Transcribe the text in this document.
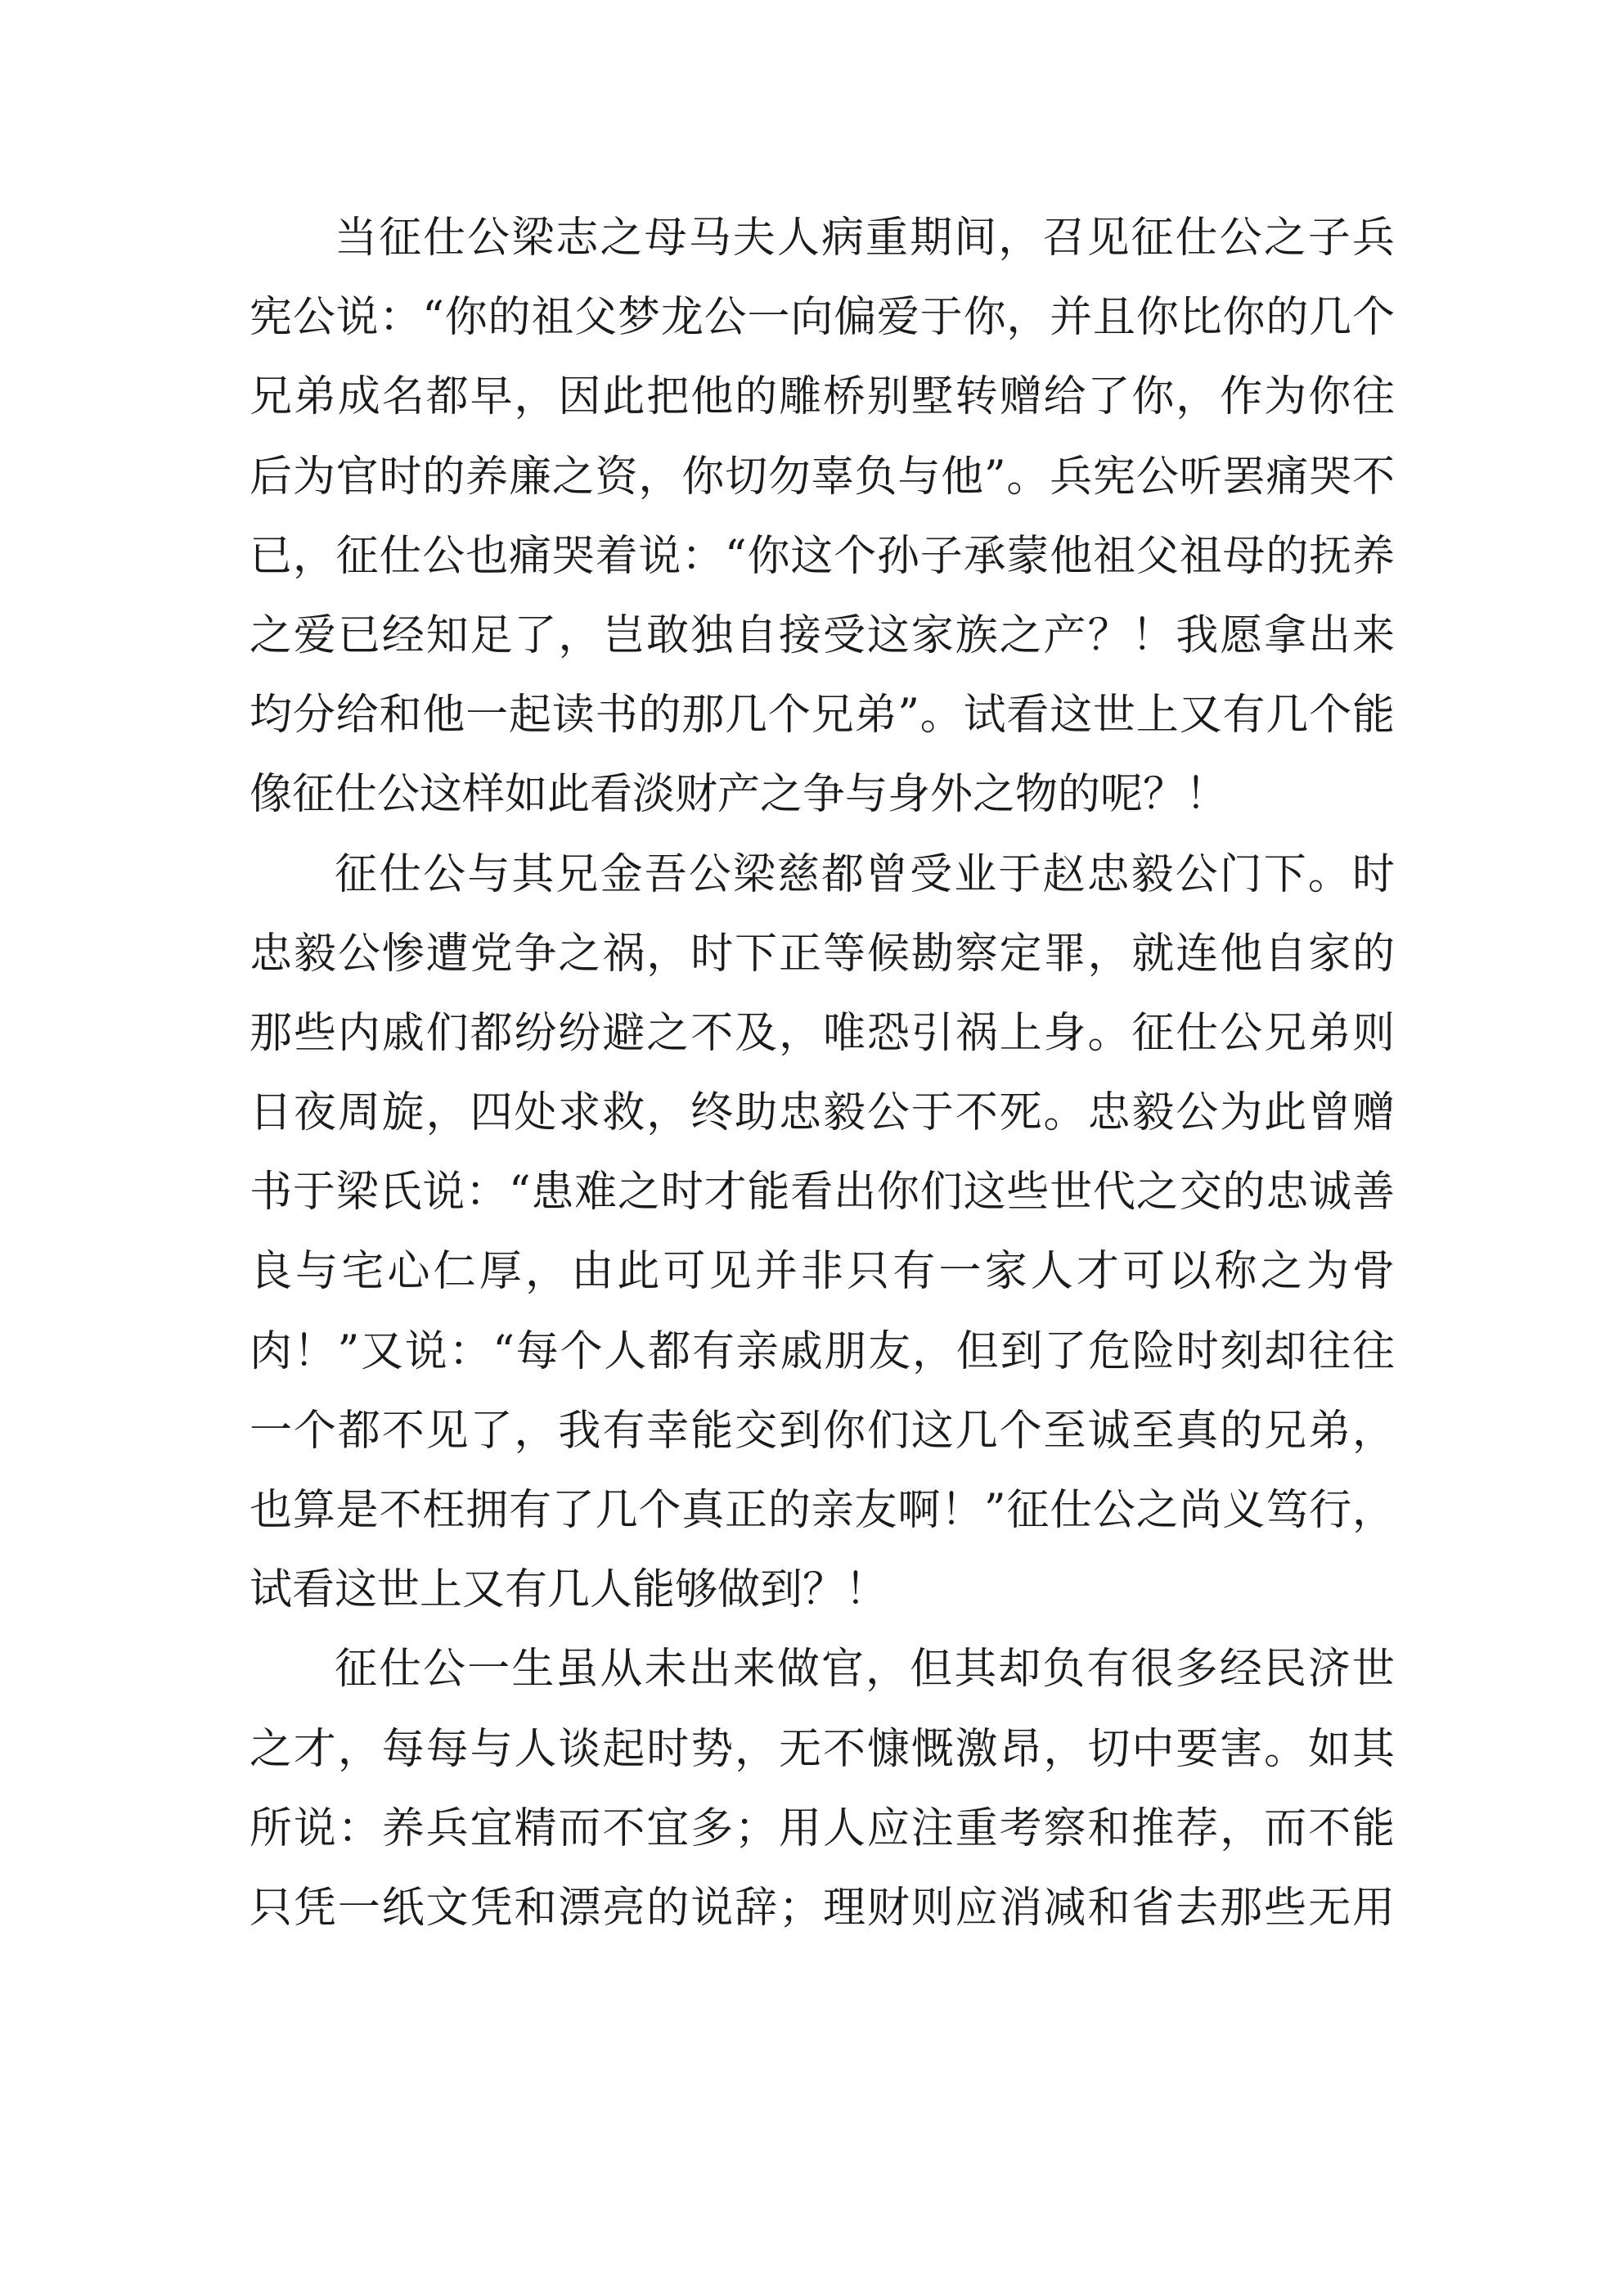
当征仕公梁志之母马夫人病重期间，召见征仕公之子兵
宪公说：“你的祖父梦龙公一向偏爱于你，并且你比你的几个
兄弟成名都早，因此把他的雕桥别墅转赠给了你，作为你往
后为官时的养廉之资，你切勿辜负与他”。兵宪公听罢痛哭不
已，征仕公也痛哭着说：“你这个孙子承蒙他祖父祖母的抚养
之爱已经知足了，岂敢独自接受这家族之产？！我愿拿出来
均分给和他一起读书的那几个兄弟”。试看这世上又有几个能
像征仕公这样如此看淡财产之争与身外之物的呢？！
征仕公与其兄金吾公梁慈都曾受业于赵忠毅公门下。时
忠毅公惨遭党争之祸，时下正等候勘察定罪，就连他自家的
那些内戚们都纷纷避之不及，唯恐引祸上身。征仕公兄弟则
日夜周旋，四处求救，终助忠毅公于不死。忠毅公为此曾赠
书于梁氏说：“患难之时才能看出你们这些世代之交的忠诚善
良与宅心仁厚，由此可见并非只有一家人才可以称之为骨
肉！”又说：“每个人都有亲戚朋友，但到了危险时刻却往往
一个都不见了，我有幸能交到你们这几个至诚至真的兄弟，
也算是不枉拥有了几个真正的亲友啊！”征仕公之尚义笃行，
试看这世上又有几人能够做到？！
征仕公一生虽从未出来做官，但其却负有很多经民济世
之才，每每与人谈起时势，无不慷慨激昂，切中要害。如其
所说：养兵宜精而不宜多；用人应注重考察和推荐，而不能
只凭一纸文凭和漂亮的说辞；理财则应消减和省去那些无用
